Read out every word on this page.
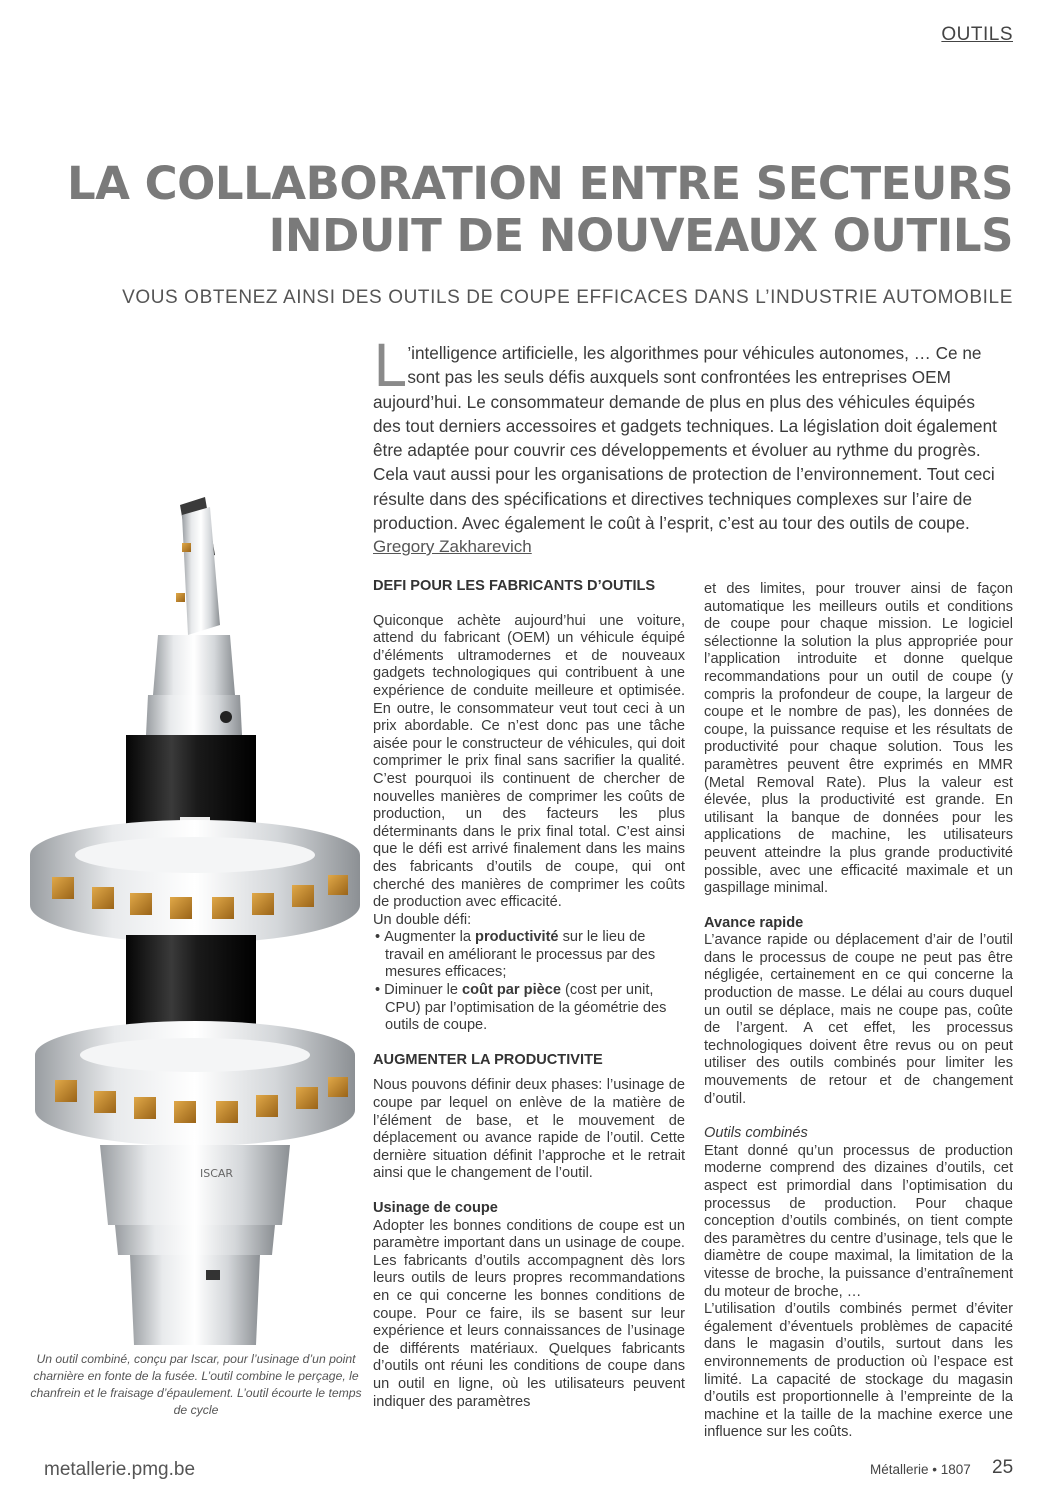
OUTILS
LA COLLABORATION ENTRE SECTEURS
INDUIT DE NOUVEAUX OUTILS
VOUS OBTENEZ AINSI DES OUTILS DE COUPE EFFICACES DANS L’INDUSTRIE AUTOMOBILE

L ’intelligence artificielle, les algorithmes pour véhicules autonomes, … Ce ne sont pas les seuls défis auxquels sont confrontées les entreprises OEM aujourd’hui. Le consommateur demande de plus en plus des véhicules équipés des tout derniers accessoires et gadgets techniques. La législation doit également être adaptée pour couvrir ces développements et évoluer au rythme du progrès. Cela vaut aussi pour les organisations de protection de l’environnement. Tout ceci résulte dans des spécifications et directives techniques complexes sur l’aire de production. Avec également le coût à l’esprit, c’est au tour des outils de coupe.

Gregory Zakharevich
ISCAR

Un outil combiné, conçu par Iscar, pour l’usinage d’un point charnière en fonte de la fusée. L’outil combine le perçage, le chanfrein et le fraisage d’épaulement. L’outil écourte le temps de cycle

DEFI POUR LES FABRICANTS D’OUTILS

Quiconque achète aujourd’hui une voiture, attend du fabricant (OEM) un véhicule équipé d’éléments ultramodernes et de nouveaux gadgets technologiques qui contribuent à une expérience de conduite meilleure et optimisée. En outre, le consommateur veut tout ceci à un prix abordable. Ce n’est donc pas une tâche aisée pour le constructeur de véhicules, qui doit comprimer le prix final sans sacrifier la qualité. C’est pourquoi ils continuent de chercher de nouvelles manières de comprimer les coûts de production, un des facteurs les plus déterminants dans le prix final total. C’est ainsi que le défi est arrivé finalement dans les mains des fabricants d’outils de coupe, qui ont cherché des manières de comprimer les coûts de production avec efficacité.

Un double défi:

• Augmenter la productivité sur le lieu de travail en améliorant le processus par des mesures efficaces;

• Diminuer le coût par pièce (cost per unit, CPU) par l’optimisation de la géométrie des outils de coupe.

AUGMENTER LA PRODUCTIVITE

Nous pouvons définir deux phases: l’usinage de coupe par lequel on enlève de la matière de l’élément de base, et le mouvement de déplacement ou avance rapide de l’outil. Cette dernière situation définit l’approche et le retrait ainsi que le changement de l’outil.

Usinage de coupe

Adopter les bonnes conditions de coupe est un paramètre important dans un usinage de coupe. Les fabricants d’outils accompagnent dès lors leurs outils de leurs propres recommandations en ce qui concerne les bonnes conditions de coupe. Pour ce faire, ils se basent sur leur expérience et leurs connaissances de l’usinage de différents matériaux. Quelques fabricants d’outils ont réuni les conditions de coupe dans un outil en ligne, où les utilisateurs peuvent indiquer des paramètres

et des limites, pour trouver ainsi de façon automatique les meilleurs outils et conditions de coupe pour chaque mission. Le logiciel sélectionne la solution la plus appropriée pour l’application introduite et donne quelque recommandations pour un outil de coupe (y compris la profondeur de coupe, la largeur de coupe et le nombre de pas), les données de coupe, la puissance requise et les résultats de productivité pour chaque solution. Tous les paramètres peuvent être exprimés en MMR (Metal Removal Rate). Plus la valeur est élevée, plus la productivité est grande. En utilisant la banque de données pour les applications de machine, les utilisateurs peuvent atteindre la plus grande productivité possible, avec une efficacité maximale et un gaspillage minimal.

Avance rapide

L’avance rapide ou déplacement d’air de l’outil dans le processus de coupe ne peut pas être négligée, certainement en ce qui concerne la production de masse. Le délai au cours duquel un outil se déplace, mais ne coupe pas, coûte de l’argent. A cet effet, les processus technologiques doivent être revus ou on peut utiliser des outils combinés pour limiter les mouvements de retour et de changement d’outil.

Outils combinés

Etant donné qu’un processus de production moderne comprend des dizaines d’outils, cet aspect est primordial dans l’optimisation du processus de production. Pour chaque conception d’outils combinés, on tient compte des paramètres du centre d’usinage, tels que le diamètre de coupe maximal, la limitation de la vitesse de broche, la puissance d’entraînement du moteur de broche, …

L’utilisation d’outils combinés permet d’éviter également d’éventuels problèmes de capacité dans le magasin d’outils, surtout dans les environnements de production où l’espace est limité. La capacité de stockage du magasin d’outils est proportionnelle à l’empreinte de la machine et la taille de la machine exerce une influence sur les coûts.

metallerie.pmg.be	Métallerie • 1807 25
